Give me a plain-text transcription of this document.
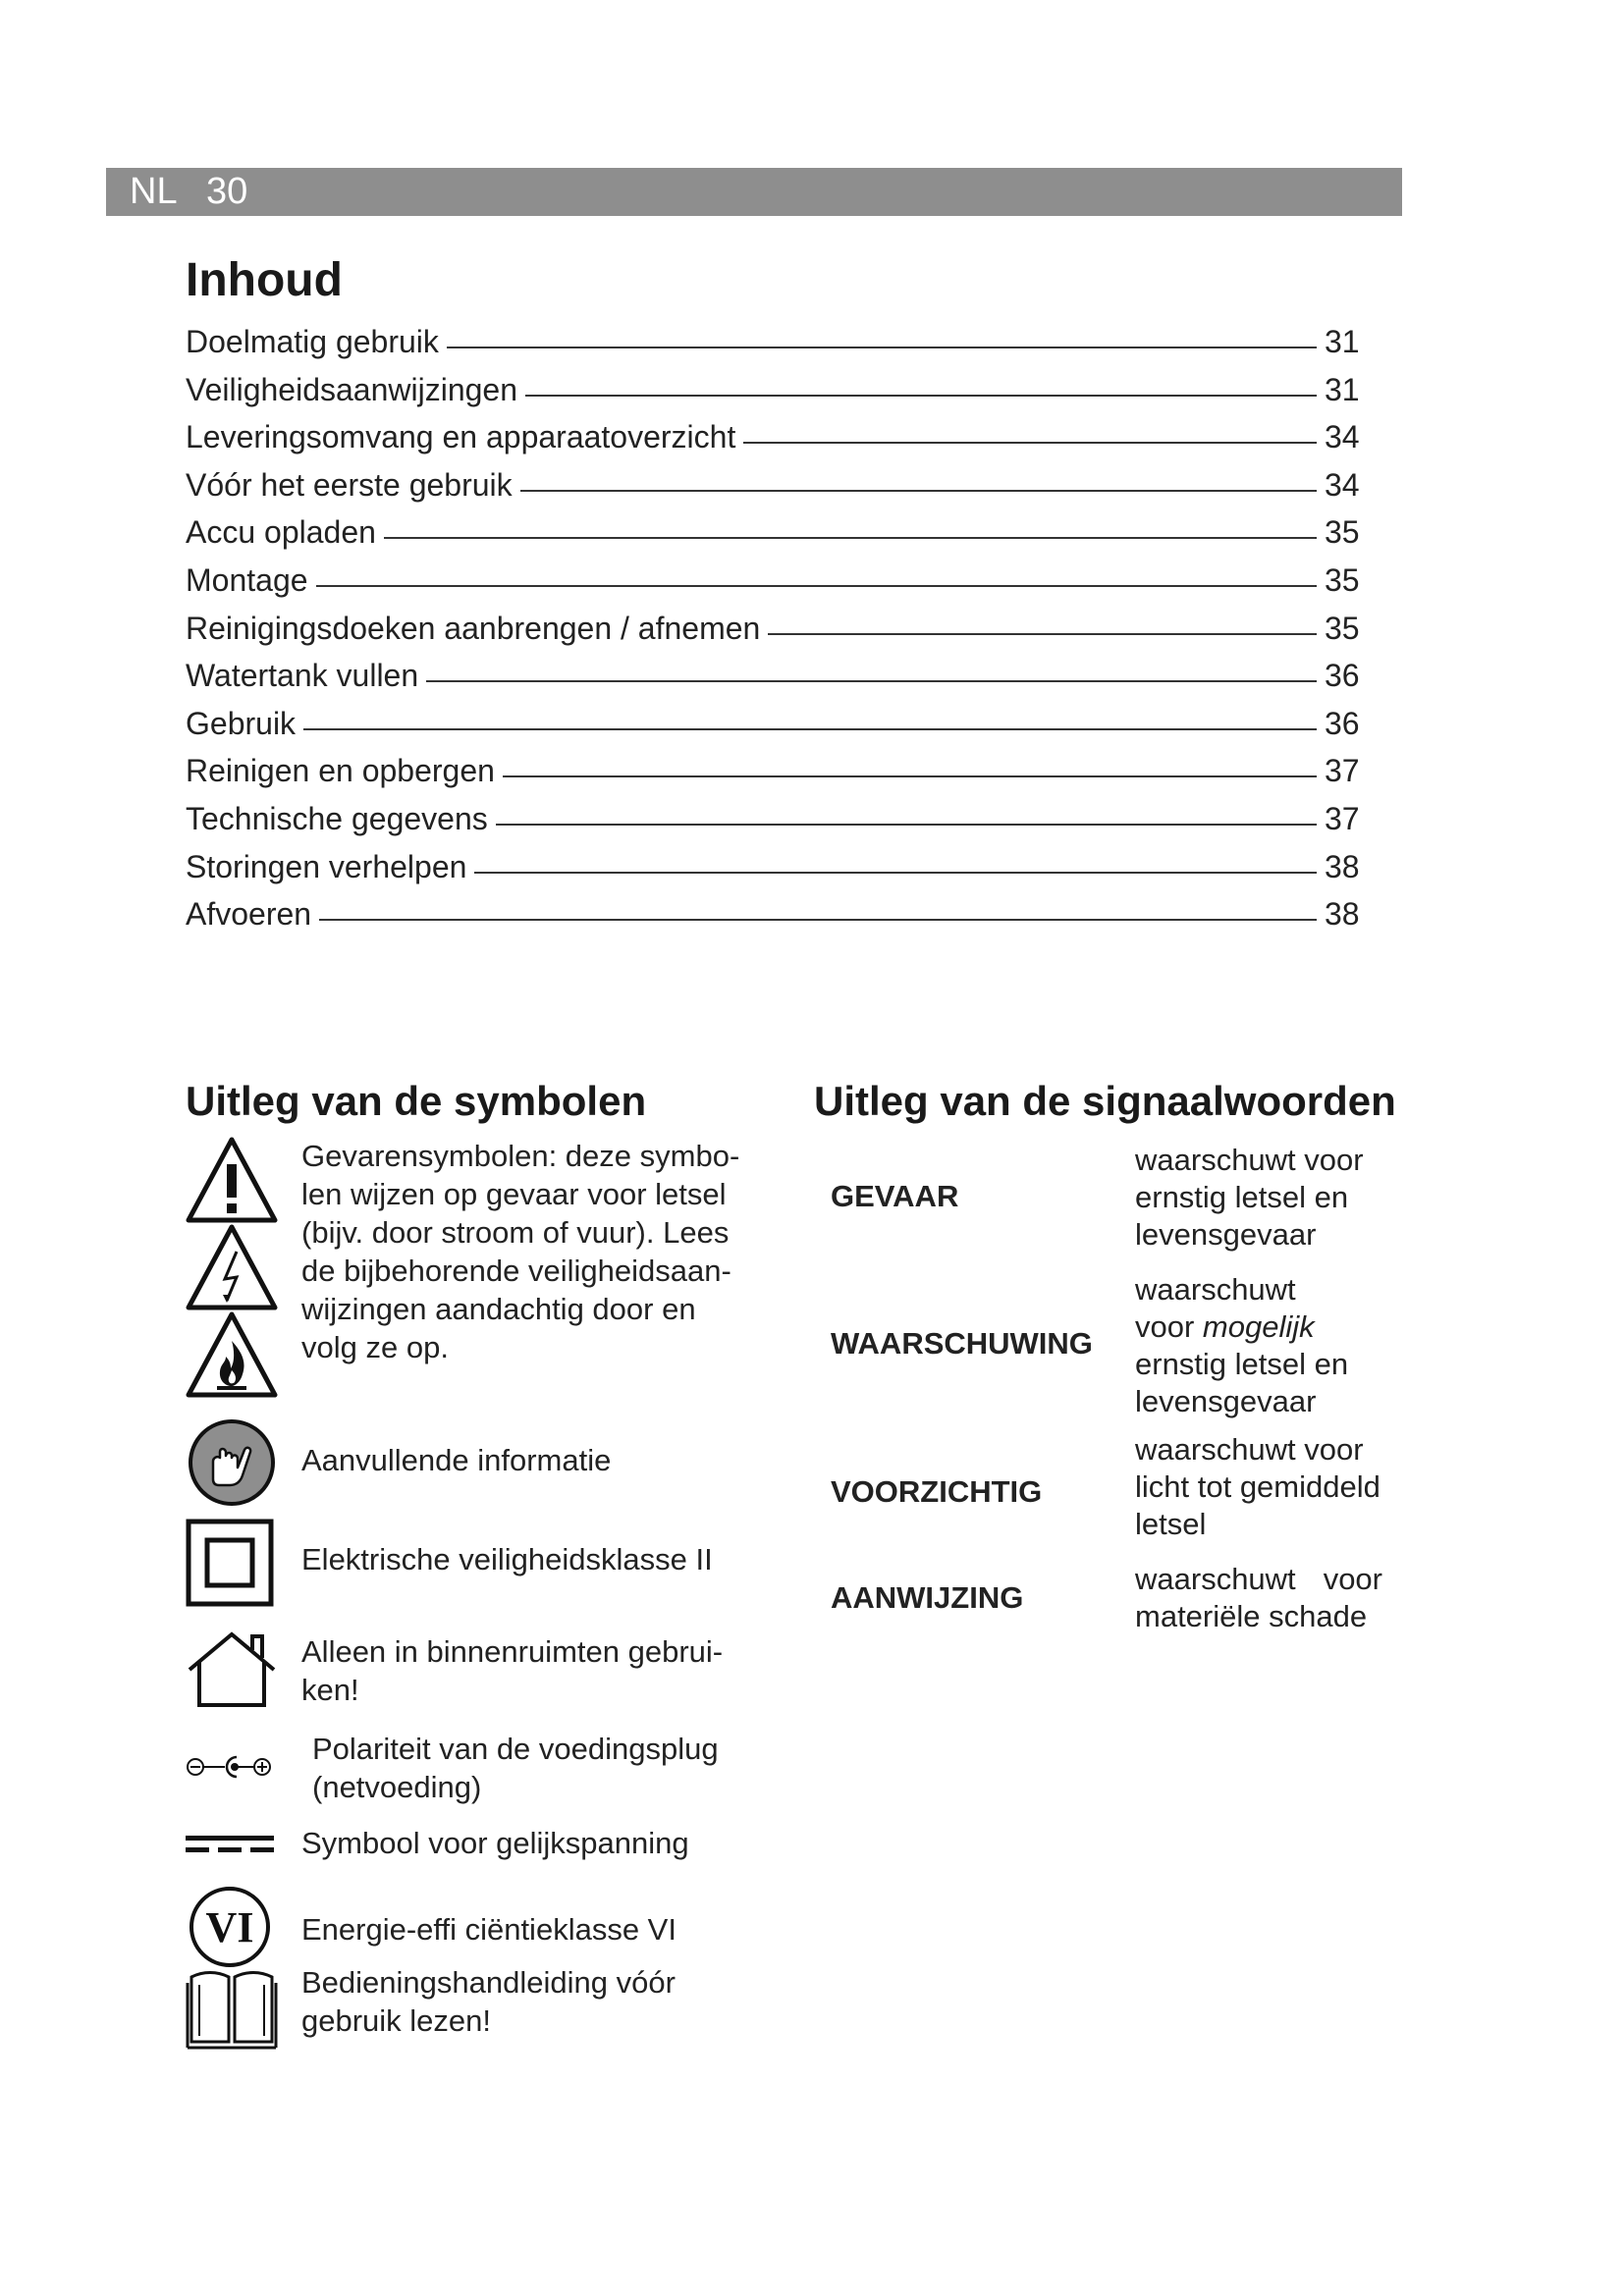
NL 30
Inhoud
Doelmatig gebruik	31
Veiligheidsaanwijzingen	31
Leveringsomvang en apparaatoverzicht	34
Vóór het eerste gebruik	34
Accu opladen	35
Montage	35
Reinigingsdoeken aanbrengen / afnemen	35
Watertank vullen	36
Gebruik	36
Reinigen en opbergen	37
Technische gegevens	37
Storingen verhelpen	38
Afvoeren	38
Uitleg van de symbolen
Gevarensymbolen: deze symbo-
len wijzen op gevaar voor letsel
(bijv. door stroom of vuur). Lees
de bijbehorende veiligheidsaan-
wijzingen aandachtig door en
volg ze op.
Aanvullende informatie
Elektrische veiligheidsklasse II
Alleen in binnenruimten gebrui-
ken!
Polariteit van de voedingsplug
(netvoeding)
Symbool voor gelijkspanning
VI Energie-effi ciëntieklasse VI
Bedieningshandleiding vóór
gebruik lezen!
Uitleg van de signaalwoorden
GEVAAR
waarschuwt voor
ernstig letsel en
levensgevaar
WAARSCHUWING
waarschuwt
voor mogelijk
ernstig letsel en
levensgevaar
VOORZICHTIG
waarschuwt voor
licht tot gemiddeld
letsel
AANWIJZING
waarschuwt voor
materiële schade
